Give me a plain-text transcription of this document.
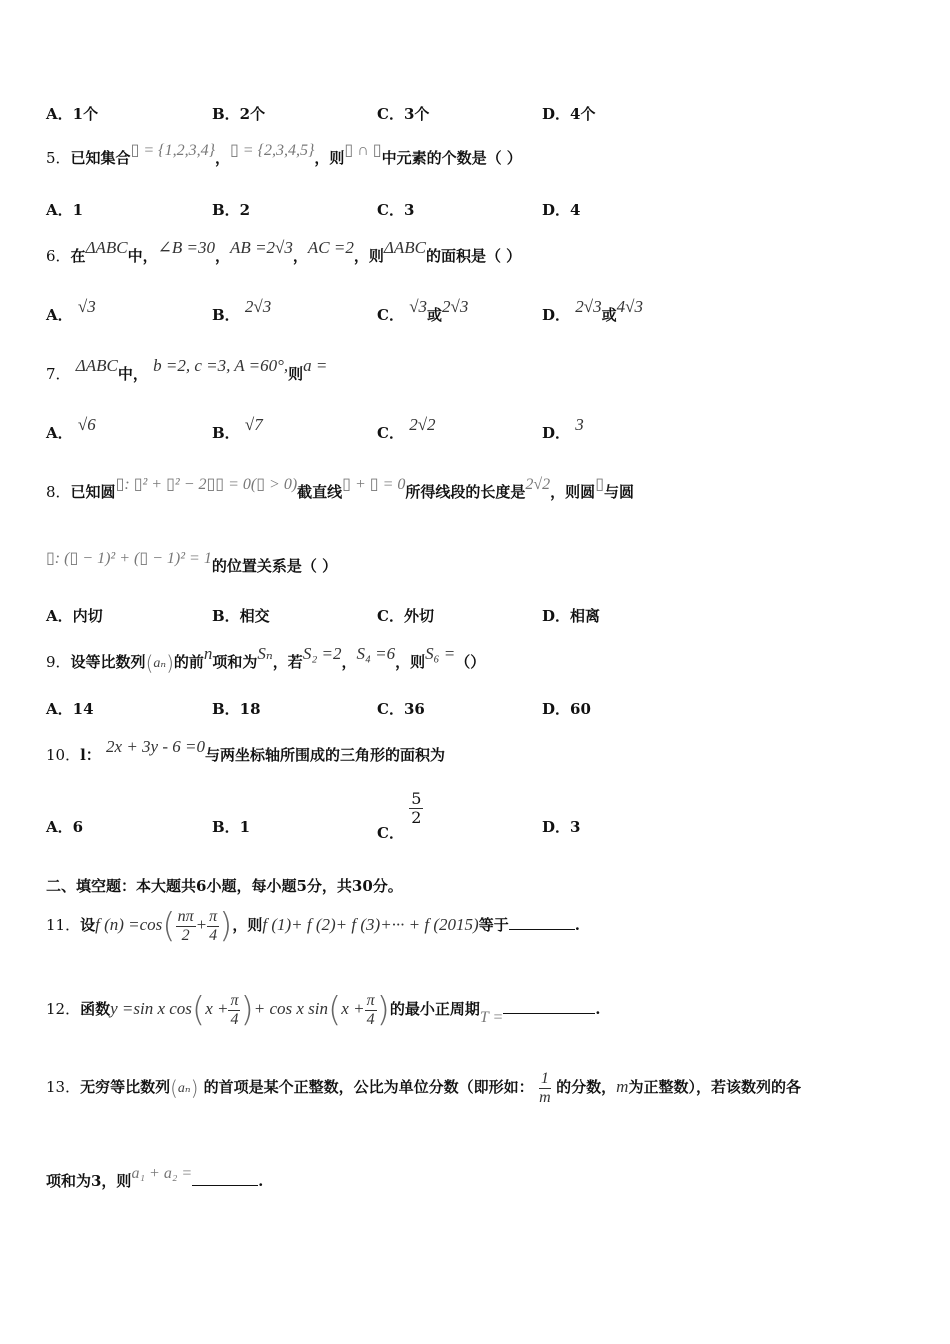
A．1个	B．2个	C．3个	D．4个
5．已知集合▯ = {1,2,3,4}，▯ = {2,3,4,5}，则▯ ∩ ▯中元素的个数是（ ）
A．1	B．2	C．3	D．4
6．在ΔABC中，∠B =30，AB =2√3，AC =2，则ΔABC的面积是（ ）
A． √3	B． 2√3	C． √3或2√3	D． 2√3或4√3
7． ΔABC中， b =2, c =3, A =60°,则a =
A． √6	B． √7	C． 2√2	D． 3
8．已知圆▯: ▯² + ▯² − 2▯▯ = 0(▯ > 0)截直线▯ + ▯ = 0所得线段的长度是2√2，则圆▯与圆
▯: (▯ − 1)² + (▯ − 1)² = 1的位置关系是（ ）
A．内切	B．相交	C．外切	D．相离
9．设等比数列(aₙ)的前n项和为Sₙ，若S₂ =2，S₄ =6，则S₆ =（）
A．14	B．18	C．36	D．60
10．l： 2x + 3y - 6 =0与两坐标轴所围成的三角形的面积为
A．6	B．1	C．
$\frac{5}{2}$
D．3
二、填空题：本大题共6小题，每小题5分，共30分。
11．设f $(n) =\cos( \frac{n\pi}{2} + \frac{\pi}{4}$ )，则f (1)+ f (2)+ f (3)+··· + f (2015)等于	.
12．函数y =sin x $\cos(x + \frac{\pi}{4}$ )+ cos x $\sin(x + \frac{\pi}{4}$ )的最小正周期T =	.
13．无穷等比数列(aₙ) 的首项是某个正整数，公比为单位分数（即形如： $\frac{1}{m}$ 的分数，m为正整数），若该数列的各
项和为3，则a₁ + a₂ =	.
